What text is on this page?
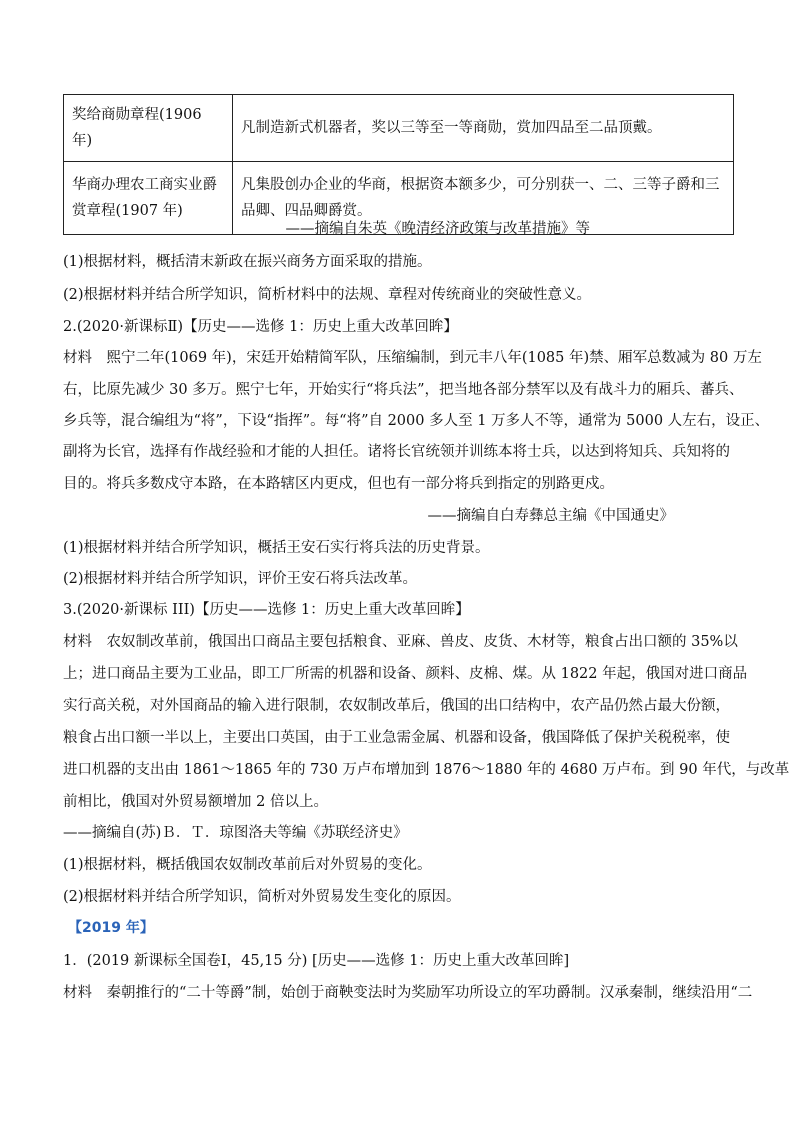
奖给商勋章程(1906 年)	凡制造新式机器者，奖以三等至一等商勋，赏加四品至二品顶戴。
华商办理农工商实业爵赏章程(1907 年)	凡集股创办企业的华商，根据资本额多少，可分别获一、二、三等子爵和三品卿、四品卿爵赏。
——摘编自朱英《晚清经济政策与改革措施》等
(1)根据材料，概括清末新政在振兴商务方面采取的措施。
(2)根据材料并结合所学知识，简析材料中的法规、章程对传统商业的突破性意义。
2.(2020·新课标Ⅱ)【历史——选修 1：历史上重大改革回眸】
材料　熙宁二年(1069 年)，宋廷开始精简军队，压缩编制，到元丰八年(1085 年)禁、厢军总数减为 80 万左
右，比原先减少 30 多万。熙宁七年，开始实行“将兵法”，把当地各部分禁军以及有战斗力的厢兵、蕃兵、
乡兵等，混合编组为“将”，下设“指挥”。每“将”自 2000 多人至 1 万多人不等，通常为 5000 人左右，设正、
副将为长官，选择有作战经验和才能的人担任。诸将长官统领并训练本将士兵，以达到将知兵、兵知将的
目的。将兵多数戍守本路，在本路辖区内更戍，但也有一部分将兵到指定的别路更戍。
——摘编自白寿彝总主编《中国通史》
(1)根据材料并结合所学知识，概括王安石实行将兵法的历史背景。
(2)根据材料并结合所学知识，评价王安石将兵法改革。
3.(2020·新课标 III)【历史——选修 1：历史上重大改革回眸】
材料　农奴制改革前，俄国出口商品主要包括粮食、亚麻、兽皮、皮货、木材等，粮食占出口额的 35%以
上；进口商品主要为工业品，即工厂所需的机器和设备、颜料、皮棉、煤。从 1822 年起，俄国对进口商品
实行高关税，对外国商品的输入进行限制，农奴制改革后，俄国的出口结构中，农产品仍然占最大份额，
粮食占出口额一半以上，主要出口英国，由于工业急需金属、机器和设备，俄国降低了保护关税税率，使
进口机器的支出由 1861～1865 年的 730 万卢布增加到 1876～1880 年的 4680 万卢布。到 90 年代，与改革
前相比，俄国对外贸易额增加 2 倍以上。
——摘编自(苏)Ｂ．Ｔ．琼图洛夫等编《苏联经济史》
(1)根据材料，概括俄国农奴制改革前后对外贸易的变化。
(2)根据材料并结合所学知识，简析对外贸易发生变化的原因。
【2019 年】
1．(2019 新课标全国卷Ⅰ，45,15 分) [历史——选修 1：历史上重大改革回眸]
材料　秦朝推行的“二十等爵”制，始创于商鞅变法时为奖励军功所设立的军功爵制。汉承秦制，继续沿用“二
